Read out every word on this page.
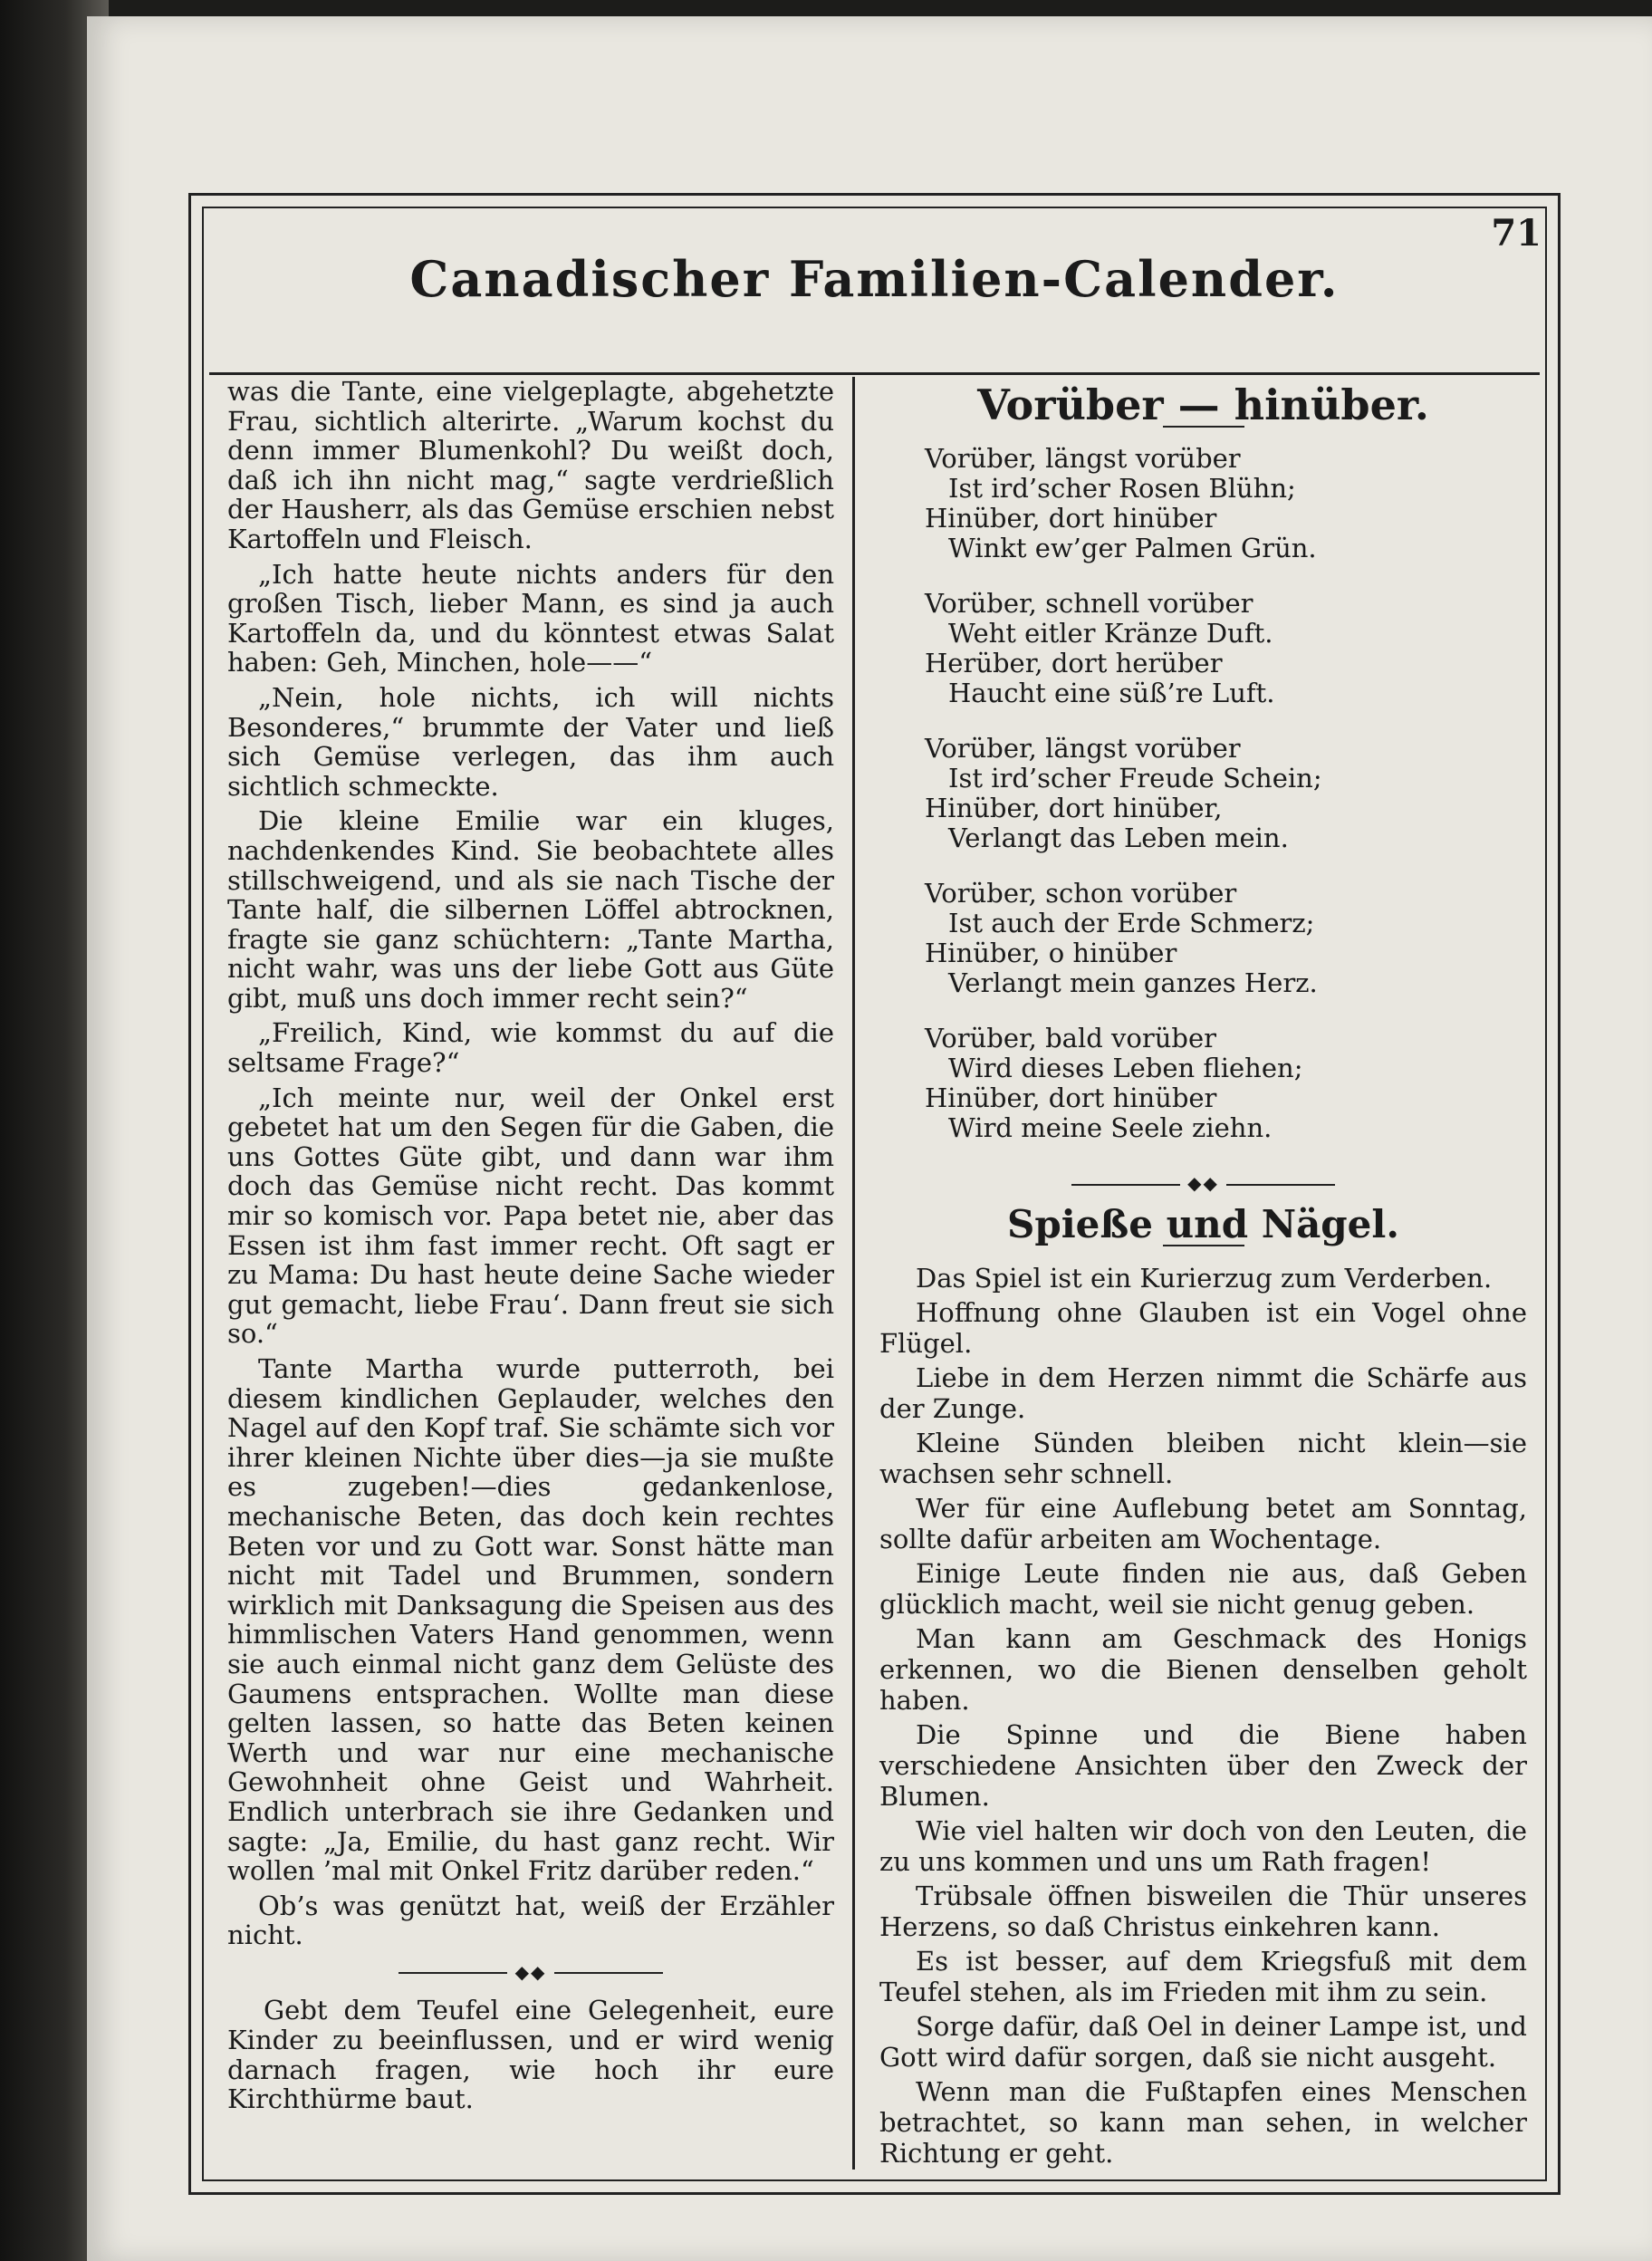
Canadischer Familien-Calender.
71

was die Tante, eine vielgeplagte, abgehetzte Frau, sichtlich alterirte. „Warum kochst du denn immer Blumenkohl? Du weißt doch, daß ich ihn nicht mag,“ sagte verdrießlich der Hausherr, als das Gemüse erschien nebst Kartoffeln und Fleisch.

„Ich hatte heute nichts anders für den großen Tisch, lieber Mann, es sind ja auch Kartoffeln da, und du könntest etwas Salat haben: Geh, Minchen, hole——“

„Nein, hole nichts, ich will nichts Besonderes,“ brummte der Vater und ließ sich Gemüse verlegen, das ihm auch sichtlich schmeckte.

Die kleine Emilie war ein kluges, nachdenkendes Kind. Sie beobachtete alles stillschweigend, und als sie nach Tische der Tante half, die silbernen Löffel abtrocknen, fragte sie ganz schüchtern: „Tante Martha, nicht wahr, was uns der liebe Gott aus Güte gibt, muß uns doch immer recht sein?“

„Freilich, Kind, wie kommst du auf die seltsame Frage?“

„Ich meinte nur, weil der Onkel erst gebetet hat um den Segen für die Gaben, die uns Gottes Güte gibt, und dann war ihm doch das Gemüse nicht recht. Das kommt mir so komisch vor. Papa betet nie, aber das Essen ist ihm fast immer recht. Oft sagt er zu Mama: Du hast heute deine Sache wieder gut gemacht, liebe Frau‘. Dann freut sie sich so.“

Tante Martha wurde putterroth, bei diesem kindlichen Geplauder, welches den Nagel auf den Kopf traf. Sie schämte sich vor ihrer kleinen Nichte über dies—ja sie mußte es zugeben!—dies gedankenlose, mechanische Beten, das doch kein rechtes Beten vor und zu Gott war. Sonst hätte man nicht mit Tadel und Brummen, sondern wirklich mit Danksagung die Speisen aus des himmlischen Vaters Hand genommen, wenn sie auch einmal nicht ganz dem Gelüste des Gaumens entsprachen. Wollte man diese gelten lassen, so hatte das Beten keinen Werth und war nur eine mechanische Gewohnheit ohne Geist und Wahrheit. Endlich unterbrach sie ihre Gedanken und sagte: „Ja, Emilie, du hast ganz recht. Wir wollen ’mal mit Onkel Fritz darüber reden.“

Ob’s was genützt hat, weiß der Erzähler nicht.

◆◆

Gebt dem Teufel eine Gelegenheit, eure Kinder zu beeinflussen, und er wird wenig darnach fragen, wie hoch ihr eure Kirchthürme baut.

Vorüber — hinüber.
Vorüber, längst vorüber
Ist ird’scher Rosen Blühn;
Hinüber, dort hinüber
Winkt ew’ger Palmen Grün.
Vorüber, schnell vorüber
Weht eitler Kränze Duft.
Herüber, dort herüber
Haucht eine süß’re Luft.
Vorüber, längst vorüber
Ist ird’scher Freude Schein;
Hinüber, dort hinüber,
Verlangt das Leben mein.
Vorüber, schon vorüber
Ist auch der Erde Schmerz;
Hinüber, o hinüber
Verlangt mein ganzes Herz.
Vorüber, bald vorüber
Wird dieses Leben fliehen;
Hinüber, dort hinüber
Wird meine Seele ziehn.
◆◆
Spieße und Nägel.

Das Spiel ist ein Kurierzug zum Verderben.

Hoffnung ohne Glauben ist ein Vogel ohne Flügel.

Liebe in dem Herzen nimmt die Schärfe aus der Zunge.

Kleine Sünden bleiben nicht klein—sie wachsen sehr schnell.

Wer für eine Auflebung betet am Sonntag, sollte dafür arbeiten am Wochentage.

Einige Leute finden nie aus, daß Geben glücklich macht, weil sie nicht genug geben.

Man kann am Geschmack des Honigs erkennen, wo die Bienen denselben geholt haben.

Die Spinne und die Biene haben verschiedene Ansichten über den Zweck der Blumen.

Wie viel halten wir doch von den Leuten, die zu uns kommen und uns um Rath fragen!

Trübsale öffnen bisweilen die Thür unseres Herzens, so daß Christus einkehren kann.

Es ist besser, auf dem Kriegsfuß mit dem Teufel stehen, als im Frieden mit ihm zu sein.

Sorge dafür, daß Oel in deiner Lampe ist, und Gott wird dafür sorgen, daß sie nicht ausgeht.

Wenn man die Fußtapfen eines Menschen betrachtet, so kann man sehen, in welcher Richtung er geht.
